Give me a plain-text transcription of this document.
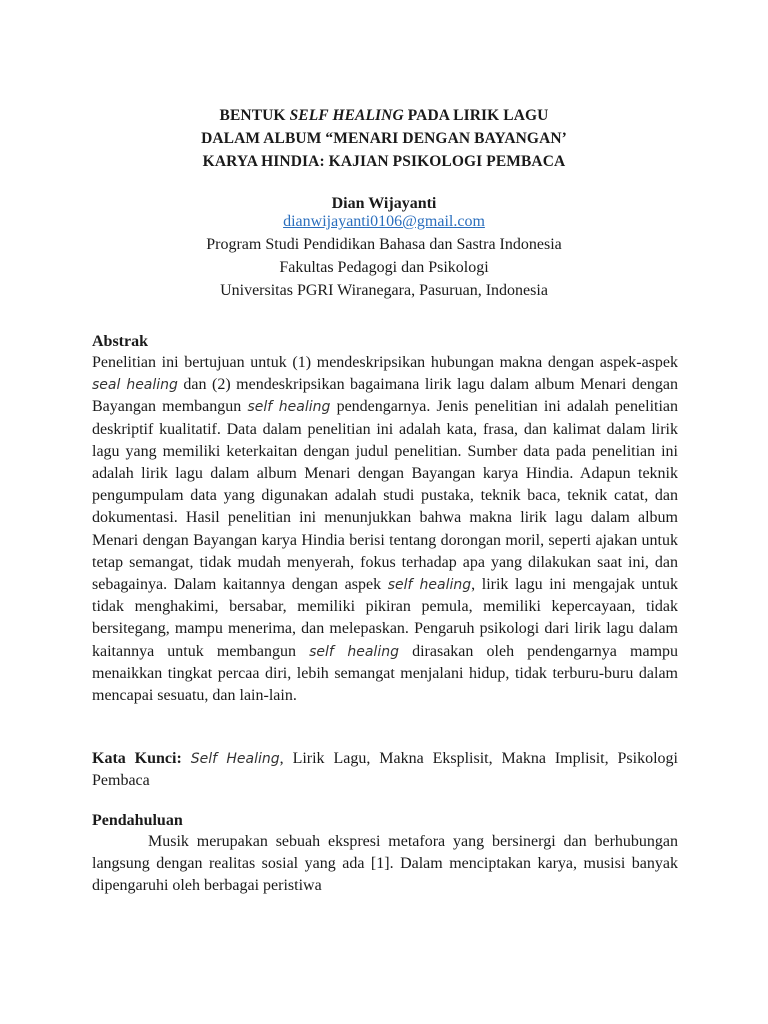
BENTUK SELF HEALING PADA LIRIK LAGU
DALAM ALBUM “MENARI DENGAN BAYANGAN’
KARYA HINDIA: KAJIAN PSIKOLOGI PEMBACA
Dian Wijayanti
dianwijayanti0106@gmail.com
Program Studi Pendidikan Bahasa dan Sastra Indonesia
Fakultas Pedagogi dan Psikologi
Universitas PGRI Wiranegara, Pasuruan, Indonesia
Abstrak
Penelitian ini bertujuan untuk (1) mendeskripsikan hubungan makna dengan aspek-aspek seal healing dan (2) mendeskripsikan bagaimana lirik lagu dalam album Menari dengan Bayangan membangun self healing pendengarnya. Jenis penelitian ini adalah penelitian deskriptif kualitatif. Data dalam penelitian ini adalah kata, frasa, dan kalimat dalam lirik lagu yang memiliki keterkaitan dengan judul penelitian. Sumber data pada penelitian ini adalah lirik lagu dalam album Menari dengan Bayangan karya Hindia. Adapun teknik pengumpulam data yang digunakan adalah studi pustaka, teknik baca, teknik catat, dan dokumentasi. Hasil penelitian ini menunjukkan bahwa makna lirik lagu dalam album Menari dengan Bayangan karya Hindia berisi tentang dorongan moril, seperti ajakan untuk tetap semangat, tidak mudah menyerah, fokus terhadap apa yang dilakukan saat ini, dan sebagainya. Dalam kaitannya dengan aspek self healing, lirik lagu ini mengajak untuk tidak menghakimi, bersabar, memiliki pikiran pemula, memiliki kepercayaan, tidak bersitegang, mampu menerima, dan melepaskan. Pengaruh psikologi dari lirik lagu dalam kaitannya untuk membangun self healing dirasakan oleh pendengarnya mampu menaikkan tingkat percaa diri, lebih semangat menjalani hidup, tidak terburu-buru dalam mencapai sesuatu, dan lain-lain.
Kata Kunci: Self Healing, Lirik Lagu, Makna Eksplisit, Makna Implisit, Psikologi Pembaca
Pendahuluan
Musik merupakan sebuah ekspresi metafora yang bersinergi dan berhubungan langsung dengan realitas sosial yang ada [1]. Dalam menciptakan karya, musisi banyak dipengaruhi oleh berbagai peristiwa
